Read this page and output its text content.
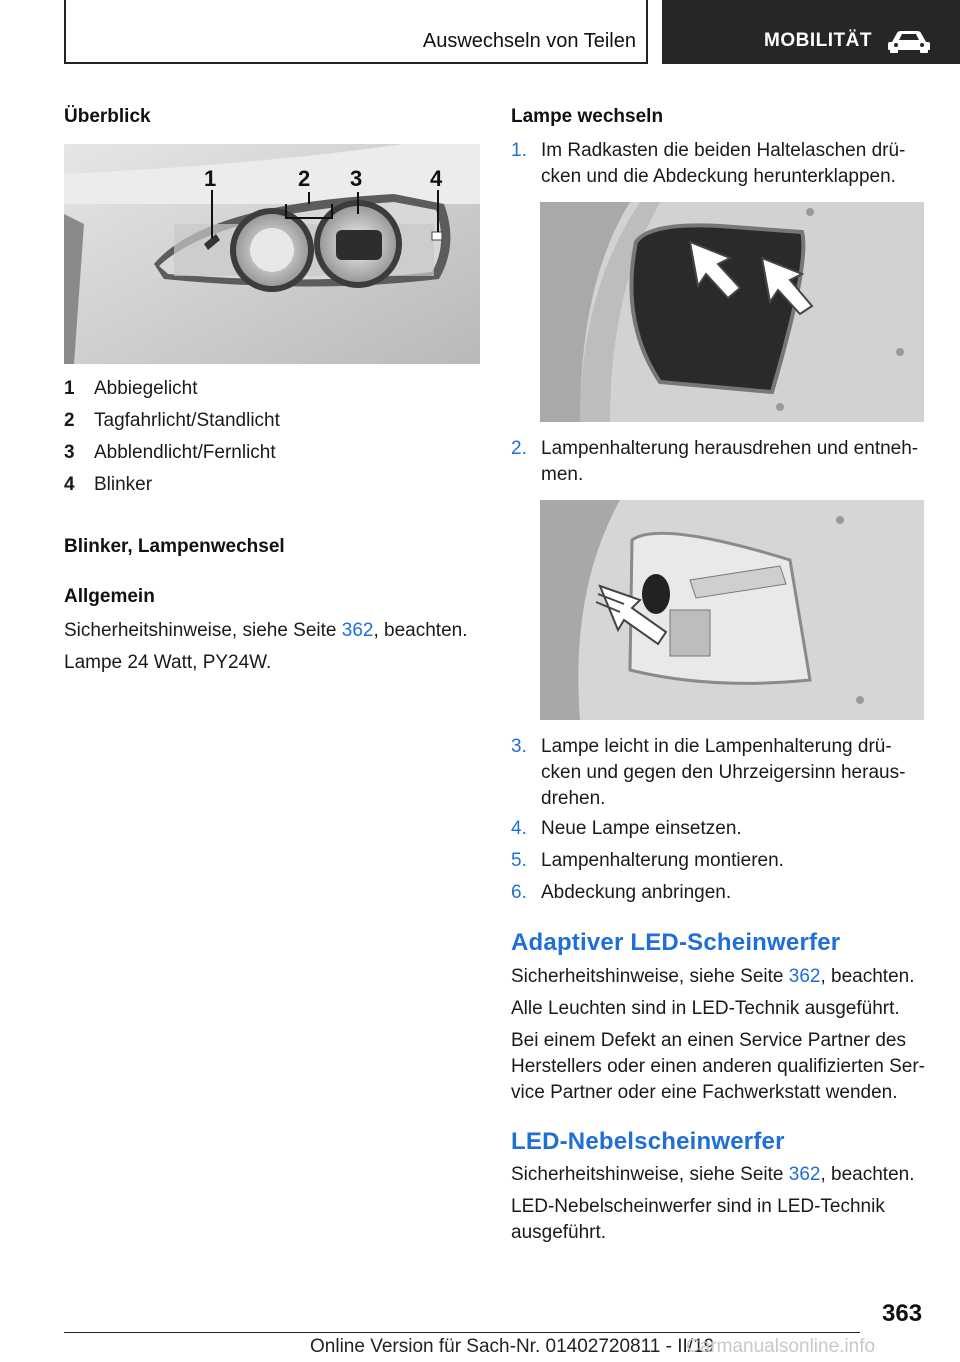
Auswechseln von Teilen	MOBILITÄT
Überblick
1	2 3	4
1	Abbiegelicht
2	Tagfahrlicht/Standlicht
3	Abblendlicht/Fernlicht
4	Blinker
Blinker, Lampenwechsel
Allgemein
Sicherheitshinweise, siehe Seite 362, beachten.
Lampe 24 Watt, PY24W.
Lampe wechseln
1. Im Radkasten die beiden Haltelaschen drü‑ cken und die Abdeckung herunterklappen.
2. Lampenhalterung herausdrehen und entneh‑ men.
3. Lampe leicht in die Lampenhalterung drü‑ cken und gegen den Uhrzeigersinn heraus‑ drehen.
4. Neue Lampe einsetzen.
5. Lampenhalterung montieren.
6. Abdeckung anbringen.
Adaptiver LED-Scheinwerfer
Sicherheitshinweise, siehe Seite 362, beachten.
Alle Leuchten sind in LED-Technik ausgeführt.
Bei einem Defekt an einen Service Partner des Herstellers oder einen anderen qualifizierten Ser‑ vice Partner oder eine Fachwerkstatt wenden.
LED-Nebelscheinwerfer
Sicherheitshinweise, siehe Seite 362, beachten.
LED-Nebelscheinwerfer sind in LED-Technik ausgeführt.
363
Online Version für Sach-Nr. 01402720811 - II/19
Carmanualsonline.info
